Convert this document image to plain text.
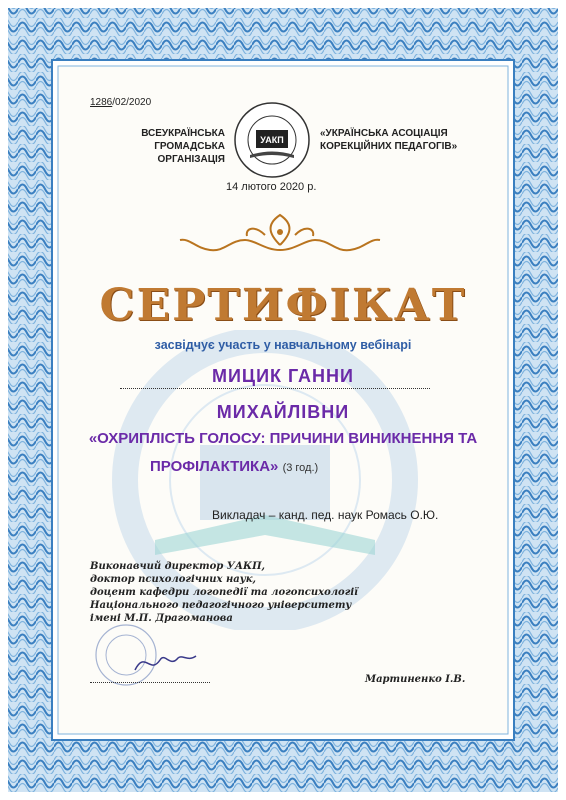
1286/02/2020
ВСЕУКРАЇНСЬКА ГРОМАДСЬКА ОРГАНІЗАЦІЯ
УАКП
«УКРАЇНСЬКА АСОЦІАЦІЯ КОРЕКЦІЙНИХ ПЕДАГОГІВ»
14 лютого 2020 р.
СЕРТИФІКАТ
засвідчує участь у навчальному вебінарі
МИЦИК ГАННИ
МИХАЙЛІВНИ
«ОХРИПЛІСТЬ ГОЛОСУ: ПРИЧИНИ ВИНИКНЕННЯ ТА
ПРОФІЛАКТИКА» (3 год.)
Викладач – канд. пед. наук Ромась О.Ю.
Виконавчий директор УАКП,
доктор психологічних наук,
доцент кафедри логопедії та логопсихології
Національного педагогічного університету
імені М.П. Драгоманова
Мартиненко І.В.
